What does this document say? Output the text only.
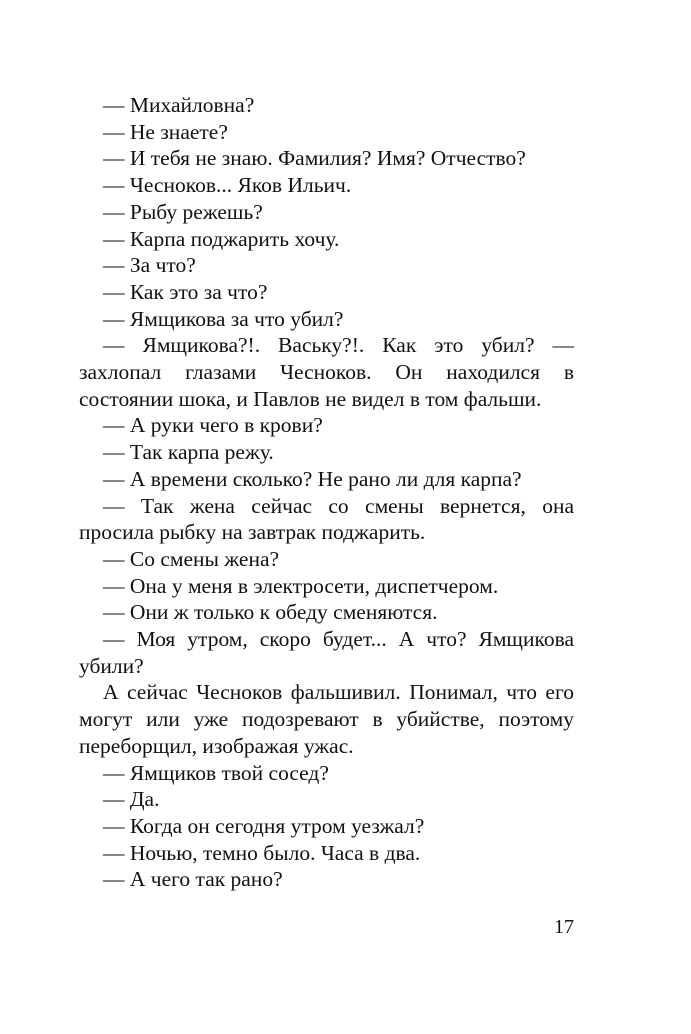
— Михайловна?

— Не знаете?

— И тебя не знаю. Фамилия? Имя? Отчество?

— Чесноков... Яков Ильич.

— Рыбу режешь?

— Карпа поджарить хочу.

— За что?

— Как это за что?

— Ямщикова за что убил?

— Ямщикова?!. Ваську?!. Как это убил? — захлопал глазами Чесноков. Он находился в состоянии шока, и Павлов не видел в том фальши.

— А руки чего в крови?

— Так карпа режу.

— А времени сколько? Не рано ли для карпа?

— Так жена сейчас со смены вернется, она просила рыбку на завтрак поджарить.

— Со смены жена?

— Она у меня в электросети, диспетчером.

— Они ж только к обеду сменяются.

— Моя утром, скоро будет... А что? Ямщикова убили?

А сейчас Чесноков фальшивил. Понимал, что его могут или уже подозревают в убийстве, поэтому переборщил, изображая ужас.

— Ямщиков твой сосед?

— Да.

— Когда он сегодня утром уезжал?

— Ночью, темно было. Часа в два.

— А чего так рано?

17
